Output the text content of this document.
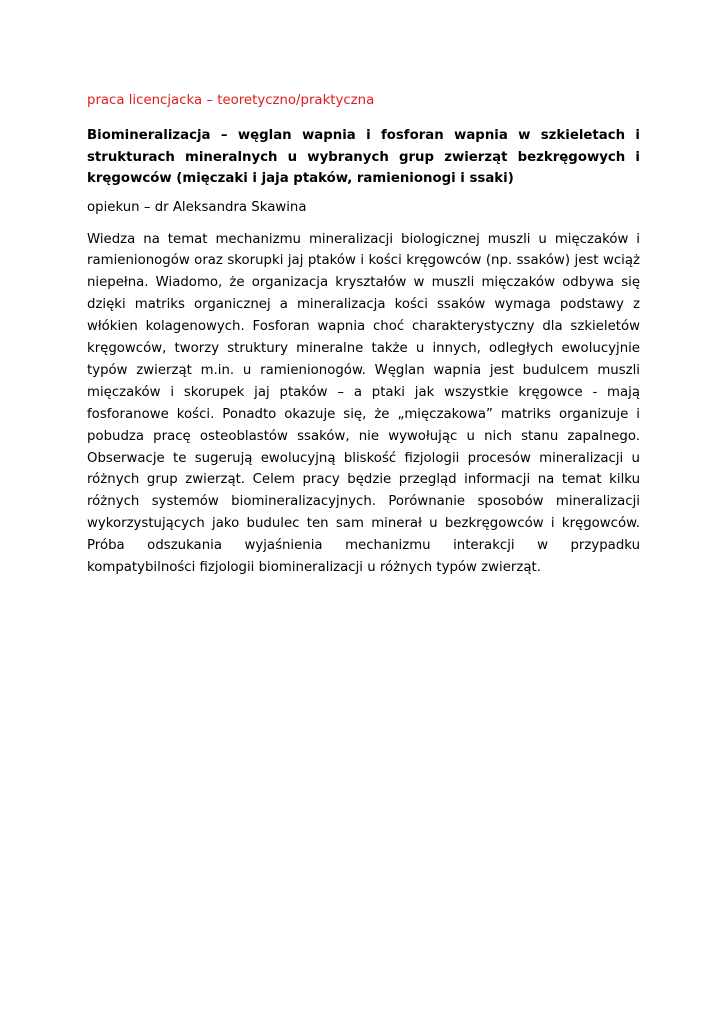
praca licencjacka – teoretyczno/praktyczna

Biomineralizacja – węglan wapnia i fosforan wapnia w szkieletach i strukturach mineralnych u wybranych grup zwierząt bezkręgowych i kręgowców (mięczaki i jaja ptaków, ramienionogi i ssaki)

opiekun – dr Aleksandra Skawina

Wiedza na temat mechanizmu mineralizacji biologicznej muszli u mięczaków i ramienionogów oraz skorupki jaj ptaków i kości kręgowców (np. ssaków) jest wciąż niepełna. Wiadomo, że organizacja kryształów w muszli mięczaków odbywa się dzięki matriks organicznej a mineralizacja kości ssaków wymaga podstawy z włókien kolagenowych. Fosforan wapnia choć charakterystyczny dla szkieletów kręgowców, tworzy struktury mineralne także u innych, odległych ewolucyjnie typów zwierząt m.in. u ramienionogów. Węglan wapnia jest budulcem muszli mięczaków i skorupek jaj ptaków – a ptaki jak wszystkie kręgowce - mają fosforanowe kości. Ponadto okazuje się, że „mięczakowa” matriks organizuje i pobudza pracę osteoblastów ssaków, nie wywołując u nich stanu zapalnego. Obserwacje te sugerują ewolucyjną bliskość fizjologii procesów mineralizacji u różnych grup zwierząt. Celem pracy będzie przegląd informacji na temat kilku różnych systemów biomineralizacyjnych. Porównanie sposobów mineralizacji wykorzystujących jako budulec ten sam minerał u bezkręgowców i kręgowców. Próba odszukania wyjaśnienia mechanizmu interakcji w przypadku kompatybilności fizjologii biomineralizacji u różnych typów zwierząt.
